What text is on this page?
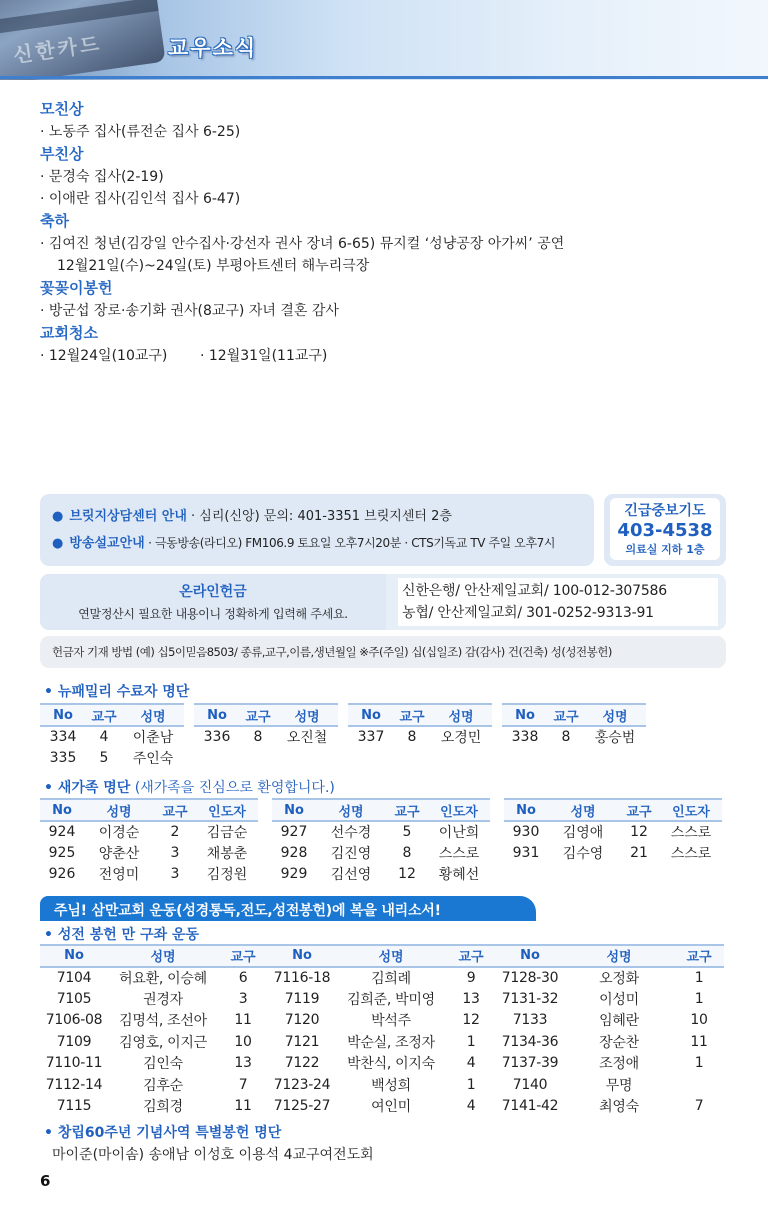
신한카드	교우소식
모친상
· 노동주 집사(류전순 집사 6-25)
부친상
· 문경숙 집사(2-19)
· 이애란 집사(김인석 집사 6-47)
축하
· 김여진 청년(김강일 안수집사·강선자 권사 장녀 6-65) 뮤지컬 ‘성냥공장 아가씨’ 공연
12월21일(수)~24일(토) 부평아트센터 해누리극장
꽃꽂이봉헌
· 방군섭 장로·송기화 권사(8교구) 자녀 결혼 감사
교회청소
· 12월24일(10교구)	· 12월31일(11교구)
● 브릿지상담센터 안내 · 심리(신앙) 문의: 401-3351 브릿지센터 2층
● 방송설교안내 · 극동방송(라디오) FM106.9 토요일 오후7시20분 · CTS기독교 TV 주일 오후7시
긴급중보기도
403-4538
의료실 지하 1층
온라인헌금
연말정산시 필요한 내용이니 정확하게 입력해 주세요.
신한은행/ 안산제일교회/ 100-012-307586
농협/ 안산제일교회/ 301-0252-9313-91
헌금자 기재 방법 (예) 십5이믿음8503/ 종류,교구,이름,생년월일 ※주(주일) 십(십일조) 감(감사) 건(건축) 성(성전봉헌)
• 뉴패밀리 수료자 명단
No	교구	성명		No	교구	성명		No	교구	성명		No	교구	성명
334	4	이춘남		336	8	오진철		337	8	오경민		338	8	홍승범
335	5	주인숙												
• 새가족 명단 (새가족을 진심으로 환영합니다.)
No	성명	교구	인도자		No	성명	교구	인도자		No	성명	교구	인도자
924	이경순	2	김금순		927	선수경	5	이난희		930	김영애	12	스스로
925	양춘산	3	채봉춘		928	김진영	8	스스로		931	김수영	21	스스로
926	전영미	3	김정원		929	김선영	12	황혜선					
주님! 삼만교회 운동(성경통독,전도,성전봉헌)에 복을 내리소서!
• 성전 봉헌 만 구좌 운동
No	성명	교구		No	성명	교구		No	성명	교구
7104	허요환, 이승혜	6		7116-18	김희례	9		7128-30	오정화	1
7105	권경자	3		7119	김희준, 박미영	13		7131-32	이성미	1
7106-08	김명석, 조선아	11		7120	박석주	12		7133	임혜란	10
7109	김영호, 이지근	10		7121	박순실, 조정자	1		7134-36	장순찬	11
7110-11	김인숙	13		7122	박찬식, 이지숙	4		7137-39	조정애	1
7112-14	김후순	7		7123-24	백성희	1		7140	무명	
7115	김희경	11		7125-27	여인미	4		7141-42	최영숙	7
• 창립60주년 기념사역 특별봉헌 명단
마이준(마이솜) 송애남 이성호 이용석 4교구여전도회
6
